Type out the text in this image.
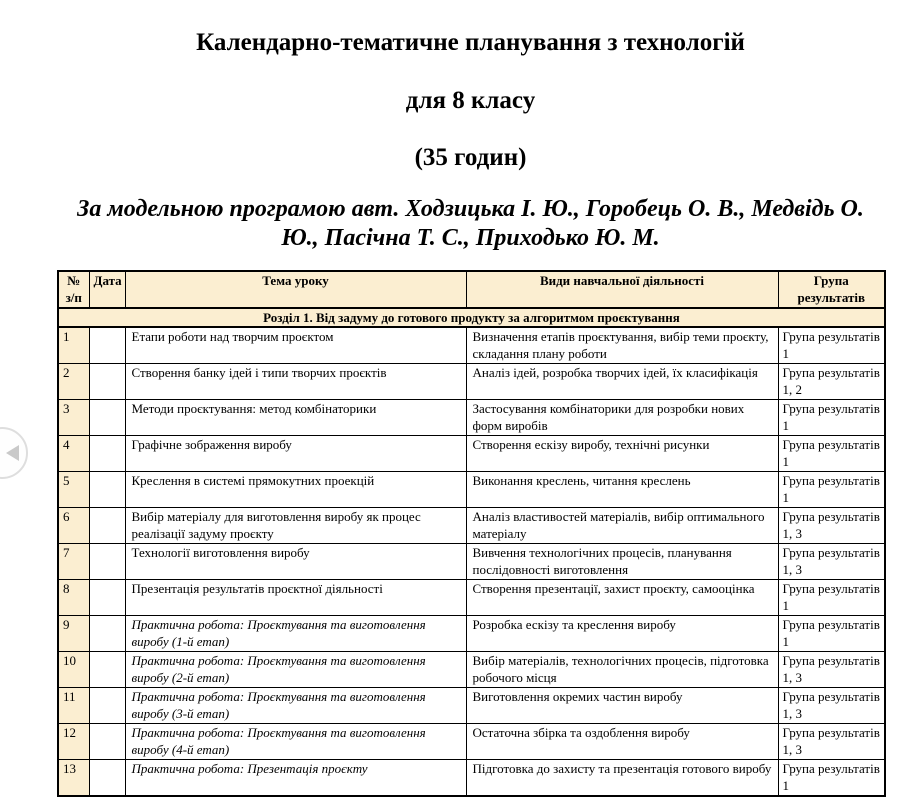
Календарно-тематичне планування з технологій
для 8 класу
(35 годин)
За модельною програмою авт. Ходзицька І. Ю., Горобець О. В., Медвідь О. Ю., Пасічна Т. С., Приходько Ю. М.
№ з/п	Дата	Тема уроку	Види навчальної діяльності	Група результатів
Розділ 1. Від задуму до готового продукту за алгоритмом проєктування				
1		Етапи роботи над творчим проєктом	Визначення етапів проєктування, вибір теми проєкту, складання плану роботи	Група результатів 1
2		Створення банку ідей і типи творчих проєктів	Аналіз ідей, розробка творчих ідей, їх класифікація	Група результатів 1, 2
3		Методи проєктування: метод комбінаторики	Застосування комбінаторики для розробки нових форм виробів	Група результатів 1
4		Графічне зображення виробу	Створення ескізу виробу, технічні рисунки	Група результатів 1
5		Креслення в системі прямокутних проекцій	Виконання креслень, читання креслень	Група результатів 1
6		Вибір матеріалу для виготовлення виробу як процес реалізації задуму проєкту	Аналіз властивостей матеріалів, вибір оптимального матеріалу	Група результатів 1, 3
7		Технології виготовлення виробу	Вивчення технологічних процесів, планування послідовності виготовлення	Група результатів 1, 3
8		Презентація результатів проєктної діяльності	Створення презентації, захист проєкту, самооцінка	Група результатів 1
9		Практична робота: Проєктування та виготовлення виробу (1-й етап)	Розробка ескізу та креслення виробу	Група результатів 1
10		Практична робота: Проєктування та виготовлення виробу (2-й етап)	Вибір матеріалів, технологічних процесів, підготовка робочого місця	Група результатів 1, 3
11		Практична робота: Проєктування та виготовлення виробу (3-й етап)	Виготовлення окремих частин виробу	Група результатів 1, 3
12		Практична робота: Проєктування та виготовлення виробу (4-й етап)	Остаточна збірка та оздоблення виробу	Група результатів 1, 3
13		Практична робота: Презентація проєкту	Підготовка до захисту та презентація готового виробу	Група результатів 1
